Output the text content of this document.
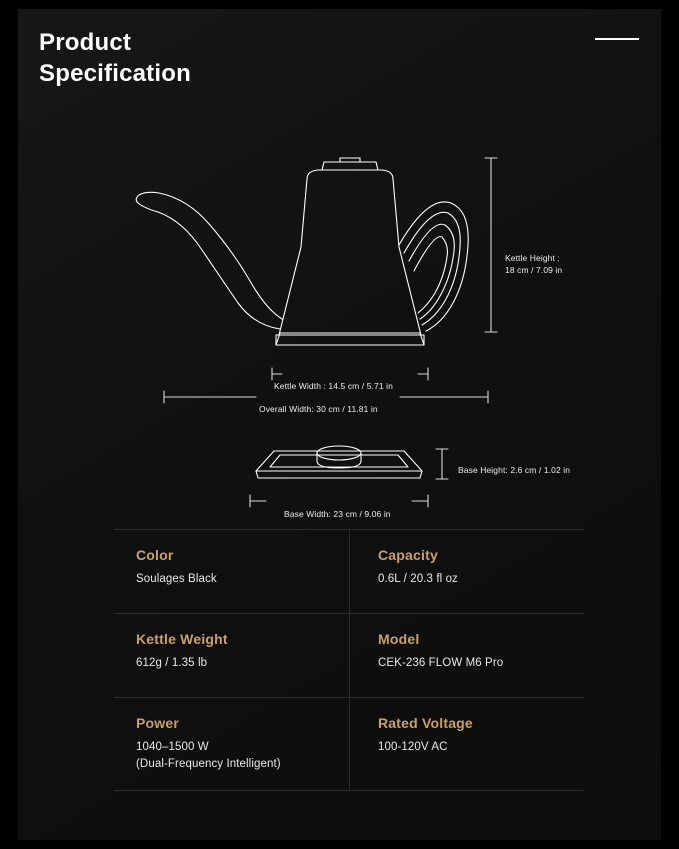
Product
Specification
Kettle Height :
18 cm / 7.09 in
Kettle Width : 14.5 cm / 5.71 in
Overall Width: 30 cm / 11.81 in
Base Height: 2.6 cm / 1.02 in
Base Width: 23 cm / 9.06 in
Color
Soulages Black
Capacity
0.6L / 20.3 fl oz
Kettle Weight
612g / 1.35 lb
Model
CEK-236 FLOW M6 Pro
Power
1040–1500 W
(Dual-Frequency Intelligent)
Rated Voltage
100-120V AC
